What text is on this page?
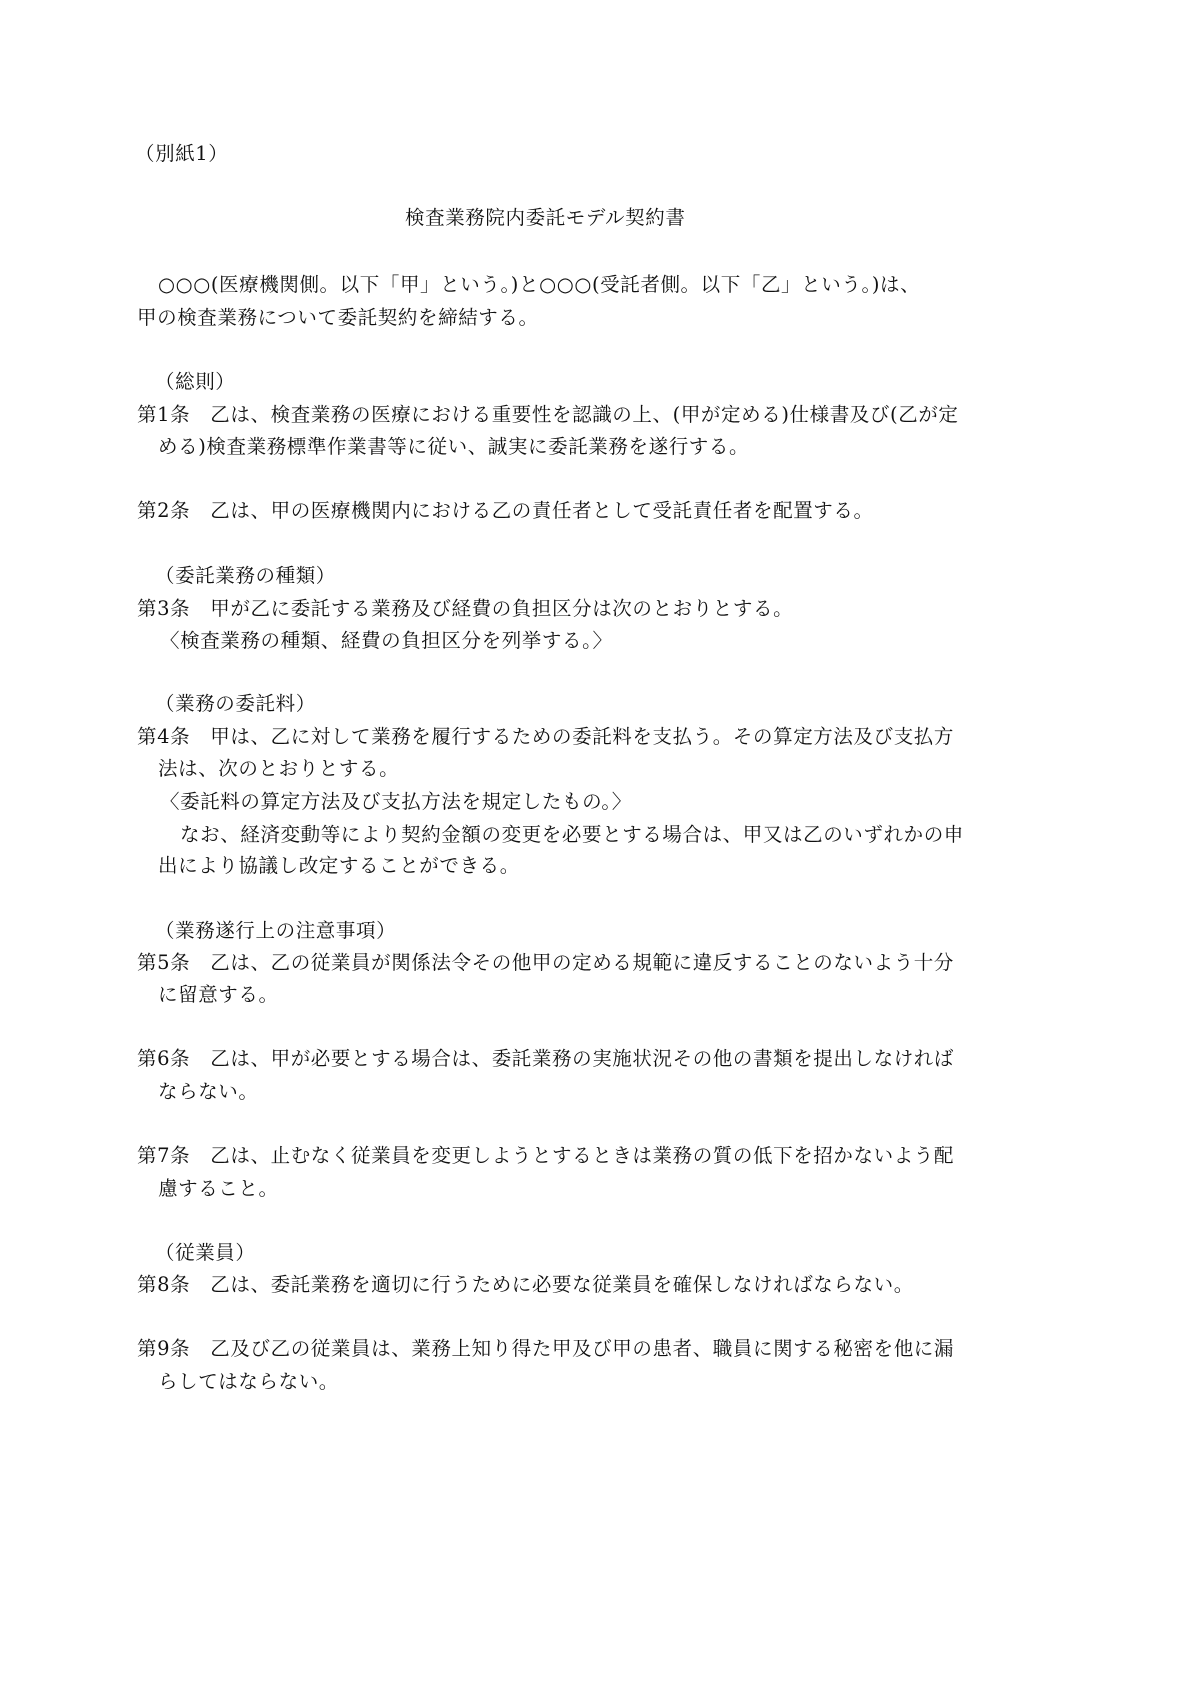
（別紙1）
検査業務院内委託モデル契約書
○○○(医療機関側。以下「甲」という。)と○○○(受託者側。以下「乙」という。)は、
甲の検査業務について委託契約を締結する。
（総則）
第1条　乙は、検査業務の医療における重要性を認識の上、(甲が定める)仕様書及び(乙が定
める)検査業務標準作業書等に従い、誠実に委託業務を遂行する。
第2条　乙は、甲の医療機関内における乙の責任者として受託責任者を配置する。
（委託業務の種類）
第3条　甲が乙に委託する業務及び経費の負担区分は次のとおりとする。
〈検査業務の種類、経費の負担区分を列挙する。〉
（業務の委託料）
第4条　甲は、乙に対して業務を履行するための委託料を支払う。その算定方法及び支払方
法は、次のとおりとする。
〈委託料の算定方法及び支払方法を規定したもの。〉
なお、経済変動等により契約金額の変更を必要とする場合は、甲又は乙のいずれかの申
出により協議し改定することができる。
（業務遂行上の注意事項）
第5条　乙は、乙の従業員が関係法令その他甲の定める規範に違反することのないよう十分
に留意する。
第6条　乙は、甲が必要とする場合は、委託業務の実施状況その他の書類を提出しなければ
ならない。
第7条　乙は、止むなく従業員を変更しようとするときは業務の質の低下を招かないよう配
慮すること。
（従業員）
第8条　乙は、委託業務を適切に行うために必要な従業員を確保しなければならない。
第9条　乙及び乙の従業員は、業務上知り得た甲及び甲の患者、職員に関する秘密を他に漏
らしてはならない。
